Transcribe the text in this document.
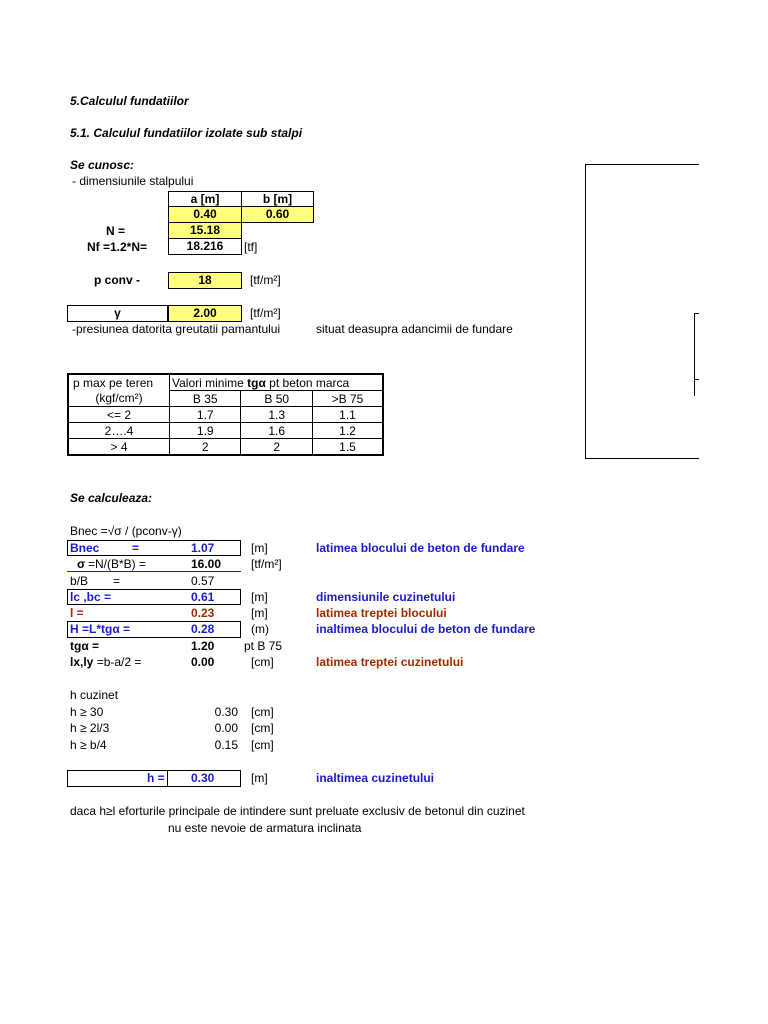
5.Calculul fundatiilor
5.1. Calculul fundatiilor izolate sub stalpi
Se cunosc:
- dimensiunile stalpului
a [m]	b [m]
0.40	0.60
N =	15.18
Nf =1.2*N=	18.216	[tf]
p conv -	18	[tf/m²]
γ	2.00	[tf/m²]
-presiunea datorita greutatii pamantului	situat deasupra adancimii de fundare
p max pe teren	Valori minime tgα pt beton marca		
(kgf/cm²)	B 35	B 50	>B 75
<= 2	1.7	1.3	1.1
2….4	1.9	1.6	1.2
> 4	2	2	1.5
Se calculeaza:
Bnec =√σ / (pconv-γ)
Bnec	=	1.07	[m]	latimea blocului de beton de fundare
σ =N/(B*B) =	16.00 [tf/m²]
b/B =	0.57
lc ,bc =	0.61	[m]	dimensiunile cuzinetului
l =	0.23	[m]	latimea treptei blocului
H =L*tgα =	0.28	(m)	inaltimea blocului de beton de fundare
tgα =	1.20 pt B 75
lx,ly =b-a/2 =	0.00	[cm]	latimea treptei cuzinetului
h cuzinet
h ≥ 30	0.30 [cm]
h ≥ 2l/3	0.00 [cm]
h ≥ b/4	0.15 [cm]
h = 0.30	[m]	inaltimea cuzinetului
daca h≥l eforturile principale de intindere sunt preluate exclusiv de betonul din cuzinet
nu este nevoie de armatura inclinata
